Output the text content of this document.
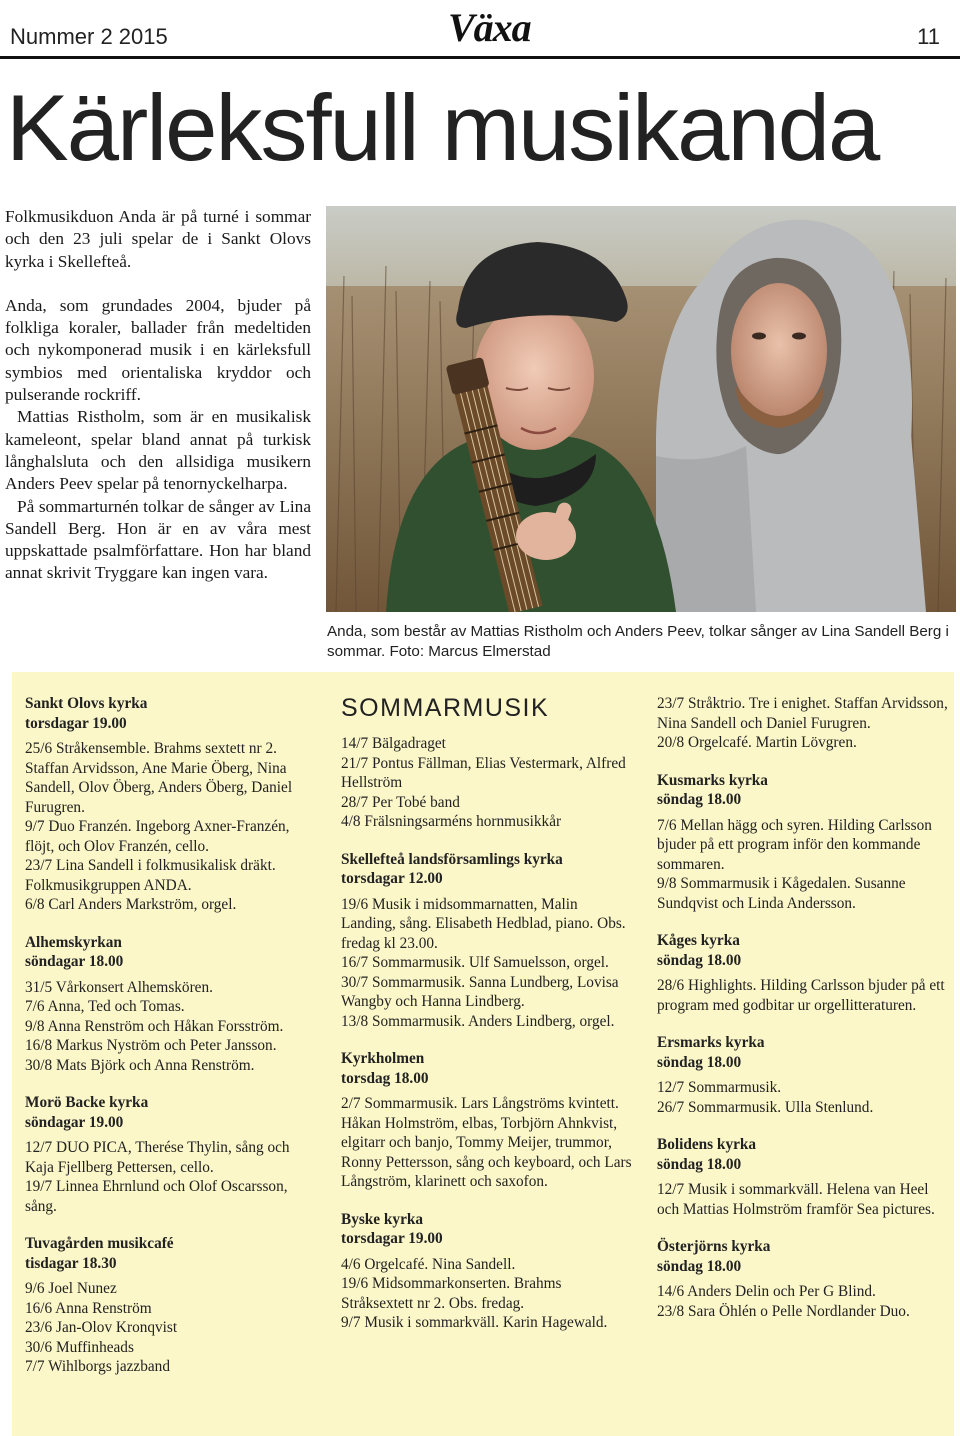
Nummer 2 2015	Växa	11
Kärleksfull musikanda

Folkmusikduon Anda är på turné i sommar och den 23 juli spelar de i Sankt Olovs kyrka i Skellefteå.

Anda, som grundades 2004, bjuder på folkliga koraler, ballader från medeltiden och nykomponerad musik i en kärleksfull symbios med orientaliska kryddor och pulserande rockriff.

Mattias Ristholm, som är en musikalisk kameleont, spelar bland annat på turkisk långhalsluta och den allsidiga musikern Anders Peev spelar på tenornyckelharpa.

På sommarturnén tolkar de sånger av Lina Sandell Berg. Hon är en av våra mest uppskattade psalmförfattare. Hon har bland annat skrivit Tryggare kan ingen vara.

Anda, som består av Mattias Ristholm och Anders Peev, tolkar sånger av Lina Sandell Berg i sommar. Foto: Marcus Elmerstad
Sankt Olovs kyrka
torsdagar 19.00
25/6 Stråkensemble. Brahms sextett nr 2. Staffan Arvidsson, Ane Marie Öberg, Nina Sandell, Olov Öberg, Anders Öberg, Daniel Furugren.
9/7 Duo Franzén. Ingeborg Axner-Franzén, flöjt, och Olov Franzén, cello.
23/7 Lina Sandell i folkmusikalisk dräkt. Folkmusikgruppen ANDA.
6/8 Carl Anders Markström, orgel.
Alhemskyrkan
söndagar 18.00
31/5 Vårkonsert Alhemskören.
7/6 Anna, Ted och Tomas.
9/8 Anna Renström och Håkan Forsström.
16/8 Markus Nyström och Peter Jansson.
30/8 Mats Björk och Anna Renström.
Morö Backe kyrka
söndagar 19.00
12/7 DUO PICA, Therése Thylin, sång och Kaja Fjellberg Pettersen, cello.
19/7 Linnea Ehrnlund och Olof Oscarsson, sång.
Tuvagården musikcafé
tisdagar 18.30
9/6 Joel Nunez
16/6 Anna Renström
23/6 Jan-Olov Kronqvist
30/6 Muffinheads
7/7 Wihlborgs jazzband
SOMMARMUSIK
14/7 Bälgadraget
21/7 Pontus Fällman, Elias Vestermark, Alfred Hellström
28/7 Per Tobé band
4/8 Frälsningsarméns hornmusikkår
Skellefteå landsförsamlings kyrka
torsdagar 12.00
19/6 Musik i midsommarnatten, Malin Landing, sång. Elisabeth Hedblad, piano. Obs. fredag kl 23.00.
16/7 Sommarmusik. Ulf Samuelsson, orgel.
30/7 Sommarmusik. Sanna Lundberg, Lovisa Wangby och Hanna Lindberg.
13/8 Sommarmusik. Anders Lindberg, orgel.
Kyrkholmen
torsdag 18.00
2/7 Sommarmusik. Lars Långströms kvintett. Håkan Holmström, elbas, Torbjörn Ahnkvist, elgitarr och banjo, Tommy Meijer, trummor, Ronny Pettersson, sång och keyboard, och Lars Långström, klarinett och saxofon.
Byske kyrka
torsdagar 19.00
4/6 Orgelcafé. Nina Sandell.
19/6 Midsommarkonserten. Brahms Stråksextett nr 2. Obs. fredag.
9/7 Musik i sommarkväll. Karin Hagewald.
23/7 Stråktrio. Tre i enighet. Staffan Arvidsson, Nina Sandell och Daniel Furugren.
20/8 Orgelcafé. Martin Lövgren.
Kusmarks kyrka
söndag 18.00
7/6 Mellan hägg och syren. Hilding Carlsson bjuder på ett program inför den kommande sommaren.
9/8 Sommarmusik i Kågedalen. Susanne Sundqvist och Linda Andersson.
Kåges kyrka
söndag 18.00
28/6 Highlights. Hilding Carlsson bjuder på ett program med godbitar ur orgellitteraturen.
Ersmarks kyrka
söndag 18.00
12/7 Sommarmusik.
26/7 Sommarmusik. Ulla Stenlund.
Bolidens kyrka
söndag 18.00
12/7 Musik i sommarkväll. Helena van Heel och Mattias Holmström framför Sea pictures.
Österjörns kyrka
söndag 18.00
14/6 Anders Delin och Per G Blind.
23/8 Sara Öhlén o Pelle Nordlander Duo.
